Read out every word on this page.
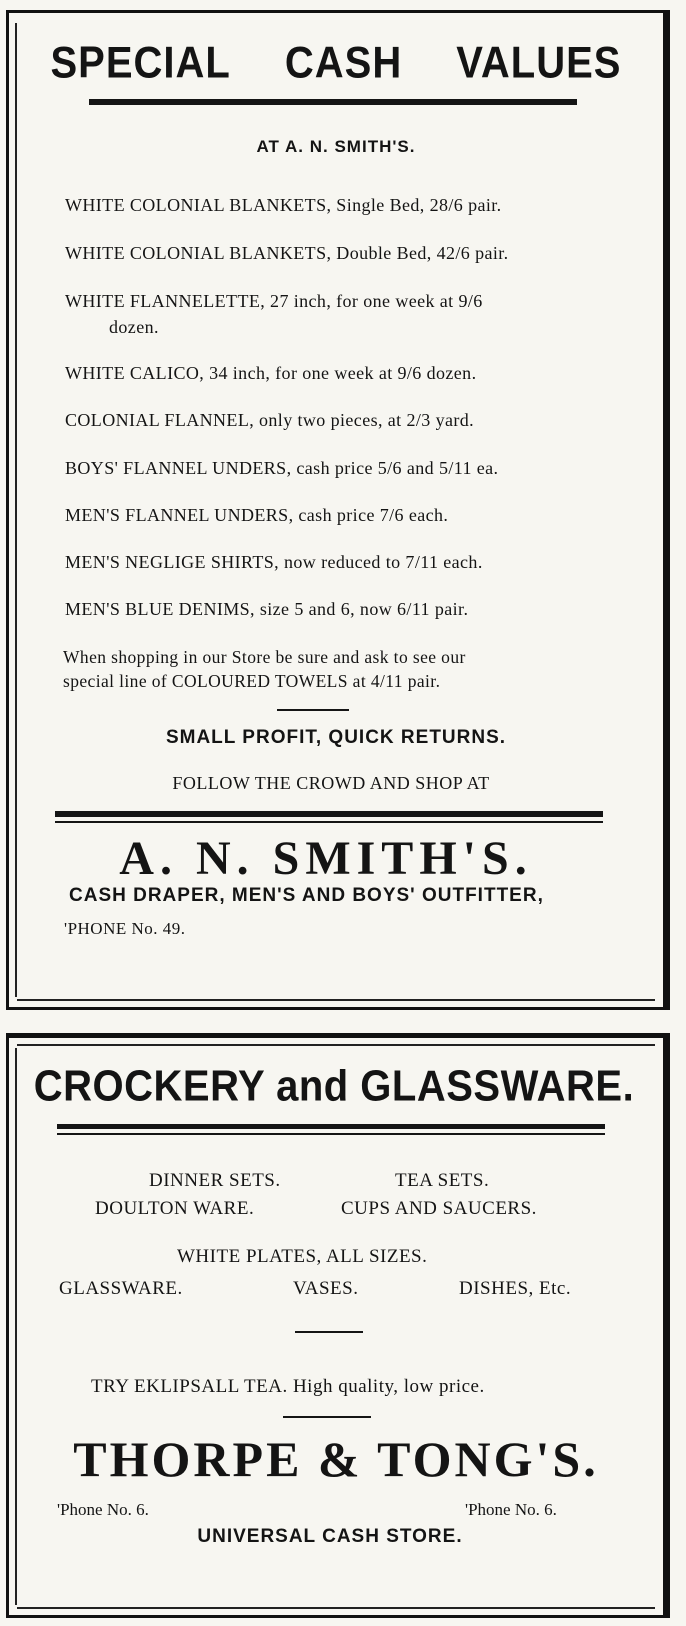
SPECIAL CASH VALUES
AT A. N. SMITH'S.
WHITE COLONIAL BLANKETS, Single Bed, 28/6 pair.
WHITE COLONIAL BLANKETS, Double Bed, 42/6 pair.
WHITE FLANNELETTE, 27 inch, for one week at 9/6
dozen.
WHITE CALICO, 34 inch, for one week at 9/6 dozen.
COLONIAL FLANNEL, only two pieces, at 2/3 yard.
BOYS' FLANNEL UNDERS, cash price 5/6 and 5/11 ea.
MEN'S FLANNEL UNDERS, cash price 7/6 each.
MEN'S NEGLIGE SHIRTS, now reduced to 7/11 each.
MEN'S BLUE DENIMS, size 5 and 6, now 6/11 pair.
When shopping in our Store be sure and ask to see our
special line of COLOURED TOWELS at 4/11 pair.
SMALL PROFIT, QUICK RETURNS.
FOLLOW THE CROWD AND SHOP AT
A. N. SMITH'S.
CASH DRAPER, MEN'S AND BOYS' OUTFITTER,
'PHONE No. 49.
CROCKERY and GLASSWARE.
DINNER SETS.	TEA SETS.
DOULTON WARE.	CUPS AND SAUCERS.
WHITE PLATES, ALL SIZES.
GLASSWARE.	VASES.	DISHES, Etc.
TRY EKLIPSALL TEA. High quality, low price.
THORPE & TONG'S.
'Phone No. 6.	'Phone No. 6.
UNIVERSAL CASH STORE.
